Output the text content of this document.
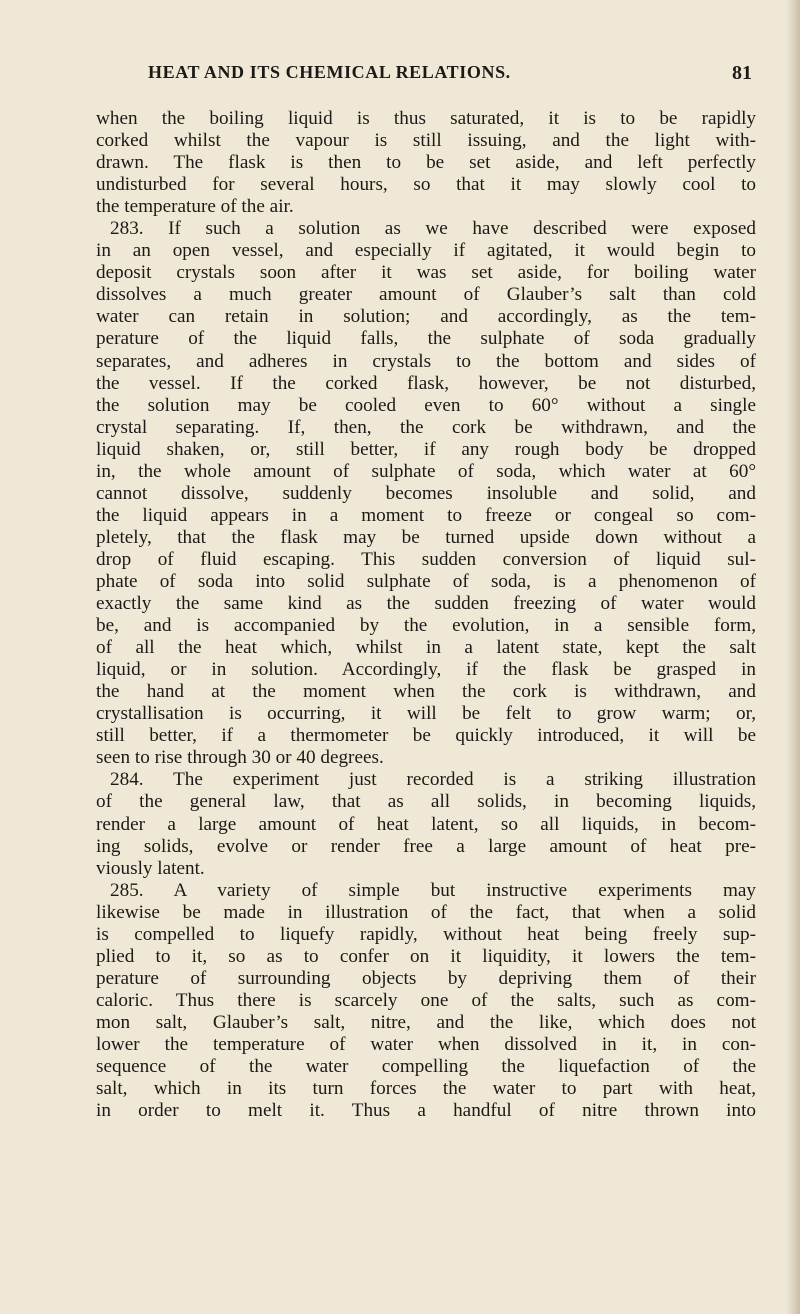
HEAT AND ITS CHEMICAL RELATIONS.	81
when the boiling liquid is thus saturated, it is to be rapidly
corked whilst the vapour is still issuing, and the light with-
drawn. The flask is then to be set aside, and left perfectly
undisturbed for several hours, so that it may slowly cool to
the temperature of the air.
283. If such a solution as we have described were exposed
in an open vessel, and especially if agitated, it would begin to
deposit crystals soon after it was set aside, for boiling water
dissolves a much greater amount of Glauber’s salt than cold
water can retain in solution; and accordingly, as the tem-
perature of the liquid falls, the sulphate of soda gradually
separates, and adheres in crystals to the bottom and sides of
the vessel. If the corked flask, however, be not disturbed,
the solution may be cooled even to 60° without a single
crystal separating. If, then, the cork be withdrawn, and the
liquid shaken, or, still better, if any rough body be dropped
in, the whole amount of sulphate of soda, which water at 60°
cannot dissolve, suddenly becomes insoluble and solid, and
the liquid appears in a moment to freeze or congeal so com-
pletely, that the flask may be turned upside down without a
drop of fluid escaping. This sudden conversion of liquid sul-
phate of soda into solid sulphate of soda, is a phenomenon of
exactly the same kind as the sudden freezing of water would
be, and is accompanied by the evolution, in a sensible form,
of all the heat which, whilst in a latent state, kept the salt
liquid, or in solution. Accordingly, if the flask be grasped in
the hand at the moment when the cork is withdrawn, and
crystallisation is occurring, it will be felt to grow warm; or,
still better, if a thermometer be quickly introduced, it will be
seen to rise through 30 or 40 degrees.
284. The experiment just recorded is a striking illustration
of the general law, that as all solids, in becoming liquids,
render a large amount of heat latent, so all liquids, in becom-
ing solids, evolve or render free a large amount of heat pre-
viously latent.
285. A variety of simple but instructive experiments may
likewise be made in illustration of the fact, that when a solid
is compelled to liquefy rapidly, without heat being freely sup-
plied to it, so as to confer on it liquidity, it lowers the tem-
perature of surrounding objects by depriving them of their
caloric. Thus there is scarcely one of the salts, such as com-
mon salt, Glauber’s salt, nitre, and the like, which does not
lower the temperature of water when dissolved in it, in con-
sequence of the water compelling the liquefaction of the
salt, which in its turn forces the water to part with heat,
in order to melt it. Thus a handful of nitre thrown into
